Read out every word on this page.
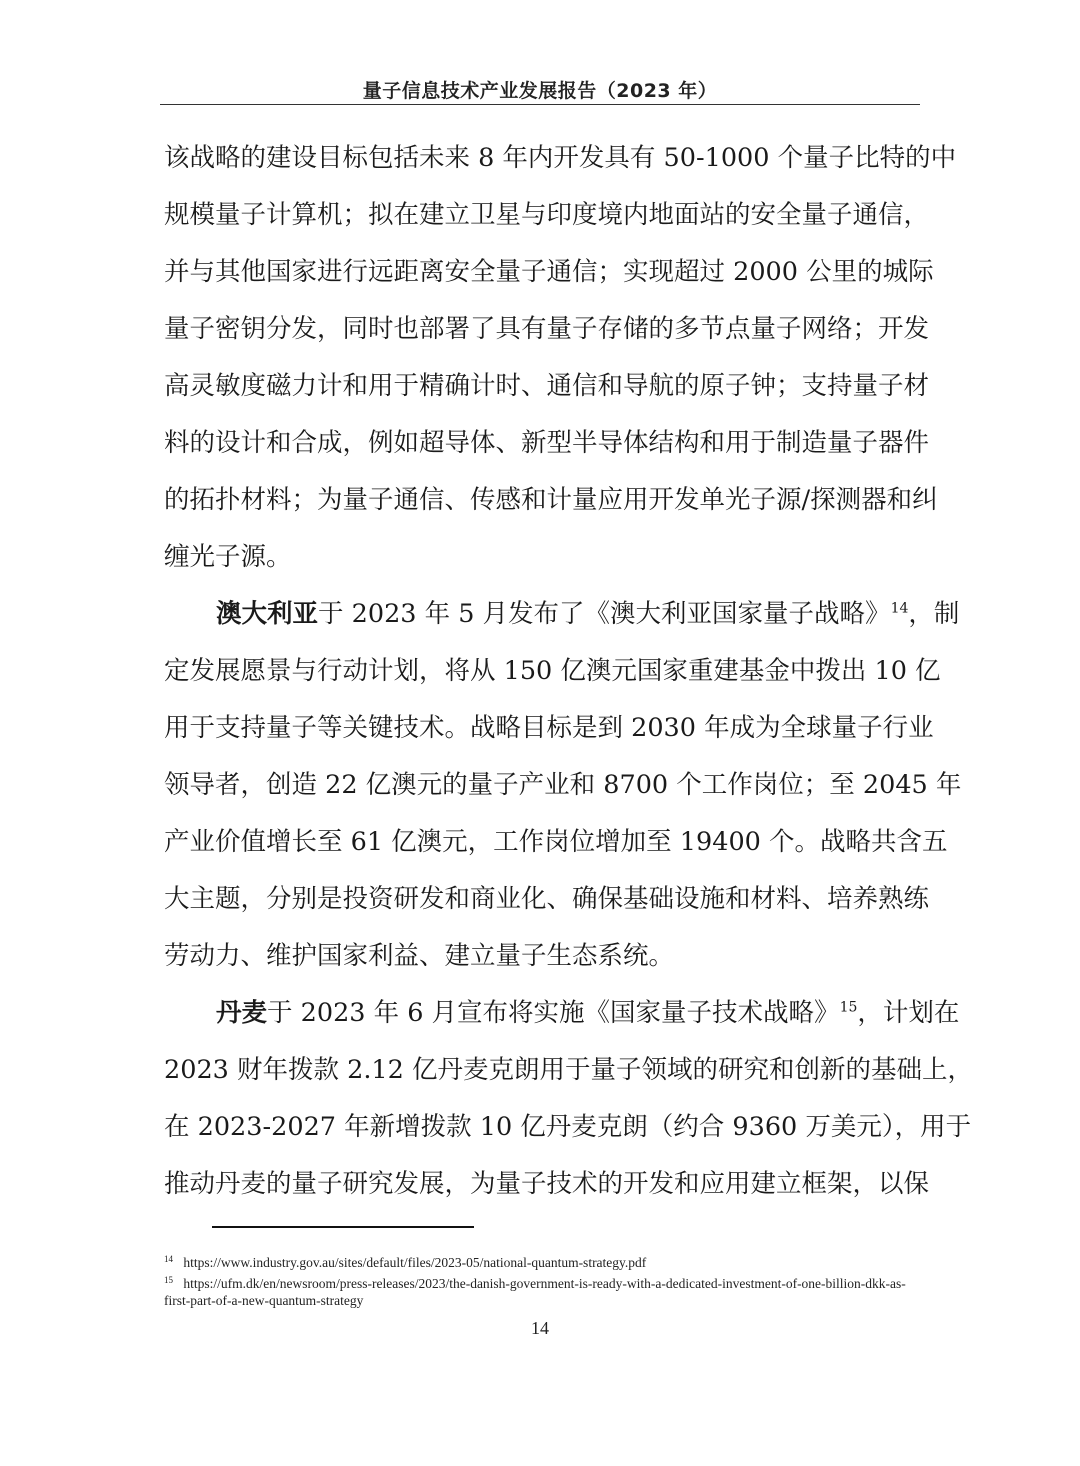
量子信息技术产业发展报告（2023 年）

该战略的建设目标包括未来 8 年内开发具有 50-1000 个量子比特的中
规模量子计算机；拟在建立卫星与印度境内地面站的安全量子通信，
并与其他国家进行远距离安全量子通信；实现超过 2000 公里的城际
量子密钥分发，同时也部署了具有量子存储的多节点量子网络；开发
高灵敏度磁力计和用于精确计时、通信和导航的原子钟；支持量子材
料的设计和合成，例如超导体、新型半导体结构和用于制造量子器件
的拓扑材料；为量子通信、传感和计量应用开发单光子源/探测器和纠
缠光子源。

澳大利亚于 2023 年 5 月发布了《澳大利亚国家量子战略》$^{14}$，制
定发展愿景与行动计划，将从 150 亿澳元国家重建基金中拨出 10 亿
用于支持量子等关键技术。战略目标是到 2030 年成为全球量子行业
领导者，创造 22 亿澳元的量子产业和 8700 个工作岗位；至 2045 年
产业价值增长至 61 亿澳元，工作岗位增加至 19400 个。战略共含五
大主题，分别是投资研发和商业化、确保基础设施和材料、培养熟练
劳动力、维护国家利益、建立量子生态系统。

丹麦于 2023 年 6 月宣布将实施《国家量子技术战略》$^{15}$，计划在
2023 财年拨款 2.12 亿丹麦克朗用于量子领域的研究和创新的基础上，
在 2023-2027 年新增拨款 10 亿丹麦克朗（约合 9360 万美元），用于
推动丹麦的量子研究发展，为量子技术的开发和应用建立框架，以保

$^{14}$ https://www.industry.gov.au/sites/default/files/2023-05/national-quantum-strategy.pdf
$^{15}$ https://ufm.dk/en/newsroom/press-releases/2023/the-danish-government-is-ready-with-a-dedicated-investment-of-one-billion-dkk-as-first-part-of-a-new-quantum-strategy
14
